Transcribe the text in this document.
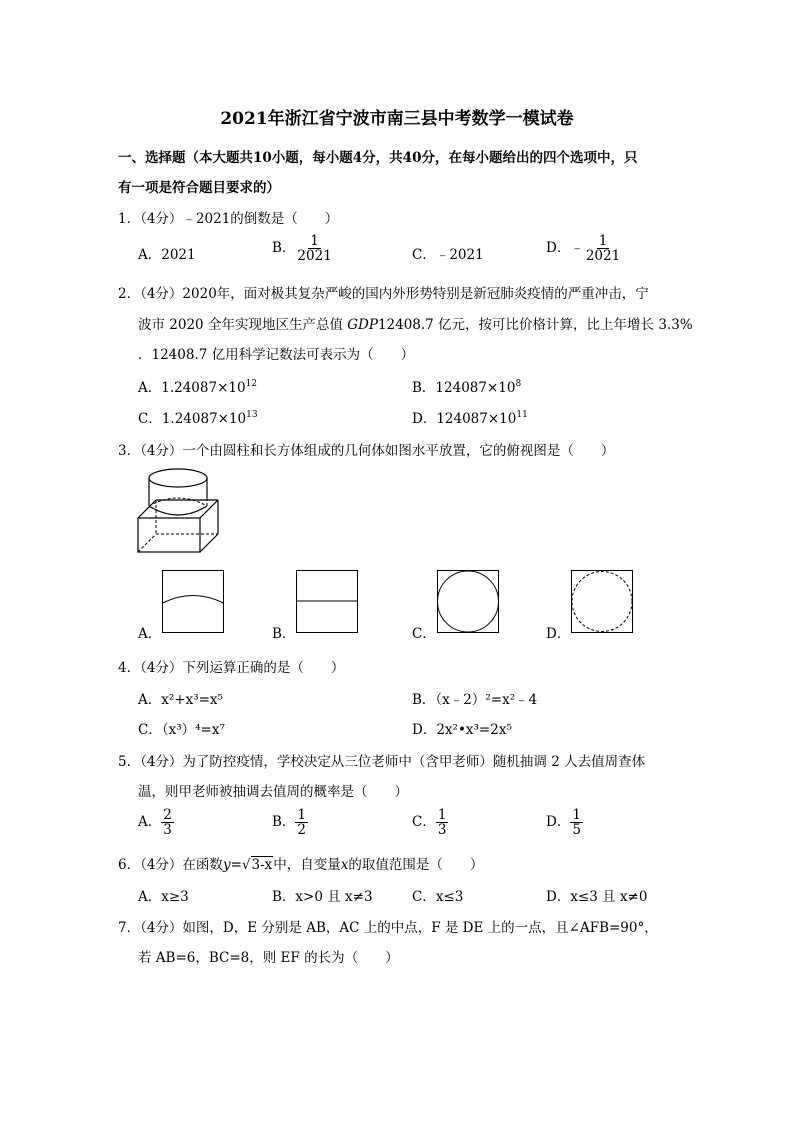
2021年浙江省宁波市南三县中考数学一模试卷
一、选择题（本大题共10小题，每小题4分，共40分，在每小题给出的四个选项中，只
有一项是符合题目要求的）
1．（4分）﹣2021的倒数是（　　）
A．2021	B． $\frac{1}{2021}$	C．﹣2021	D．﹣ $\frac{1}{2021}$
2．（4分）2020年，面对极其复杂严峻的国内外形势特别是新冠肺炎疫情的严重冲击，宁
波市 2020 全年实现地区生产总值 GDP12408.7 亿元，按可比价格计算，比上年增长 3.3%
．12408.7 亿用科学记数法可表示为（　　）
A．$1.24087\times 10^{12}$	B．$124087\times 10^8$
C．$1.24087\times 10^{13}$	D．$124087\times 10^{11}$
3．（4分）一个由圆柱和长方体组成的几何体如图水平放置，它的俯视图是（　　）
A．	B．	C．	D．
4．（4分）下列运算正确的是（　　）
A．x²+x³=x⁵	B．（x﹣2）²=x²﹣4
C．（x³）⁴=x⁷	D．2x²•x³=2x⁵
5．（4分）为了防控疫情，学校决定从三位老师中（含甲老师）随机抽调 2 人去值周查体
温，则甲老师被抽调去值周的概率是（　　）
A． $\frac{2}{3}$	B． $\frac{1}{2}$	C． $\frac{1}{3}$	D． $\frac{1}{5}$
6．（4分）在函数y=√3-x中，自变量x的取值范围是（　　）
A．x≥3	B．x>0 且 x≠3	C．x≤3	D．x≤3 且 x≠0
7．（4分）如图，D，E 分别是 AB，AC 上的中点，F 是 DE 上的一点，且∠AFB=90°，
若 AB=6，BC=8，则 EF 的长为（　　）
